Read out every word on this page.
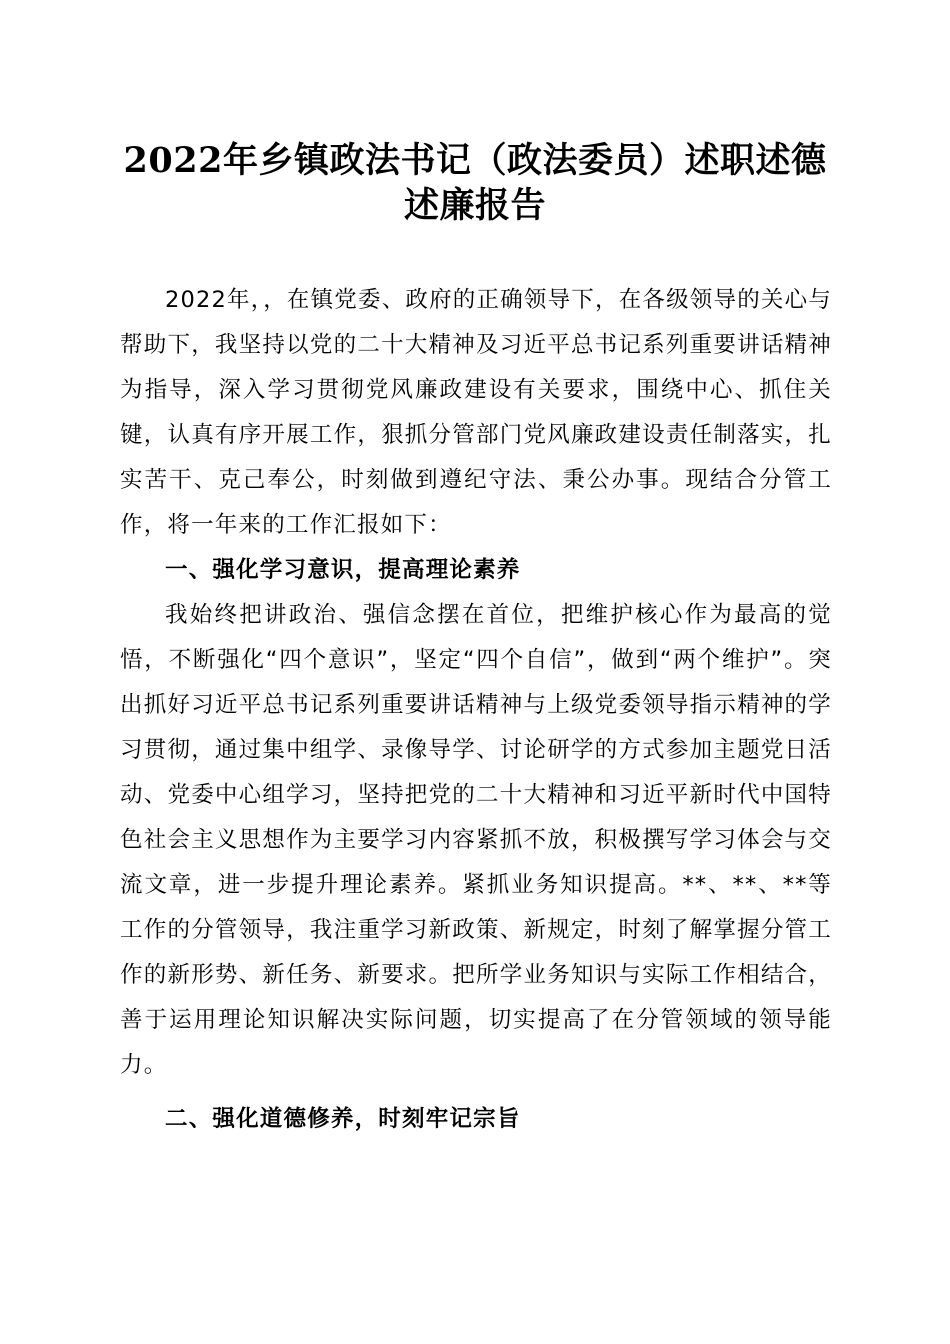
2022年乡镇政法书记（政法委员）述职述德
述廉报告

2022年，，在镇党委、政府的正确领导下，在各级领导的关心与帮助下，我坚持以党的二十大精神及习近平总书记系列重要讲话精神为指导，深入学习贯彻党风廉政建设有关要求，围绕中心、抓住关键，认真有序开展工作，狠抓分管部门党风廉政建设责任制落实，扎实苦干、克己奉公，时刻做到遵纪守法、秉公办事。现结合分管工作，将一年来的工作汇报如下：

一、强化学习意识，提高理论素养

我始终把讲政治、强信念摆在首位，把维护核心作为最高的觉悟，不断强化“四个意识”，坚定“四个自信”，做到“两个维护”。突出抓好习近平总书记系列重要讲话精神与上级党委领导指示精神的学习贯彻，通过集中组学、录像导学、讨论研学的方式参加主题党日活动、党委中心组学习，坚持把党的二十大精神和习近平新时代中国特色社会主义思想作为主要学习内容紧抓不放，积极撰写学习体会与交流文章，进一步提升理论素养。紧抓业务知识提高。**、**、**等工作的分管领导，我注重学习新政策、新规定，时刻了解掌握分管工作的新形势、新任务、新要求。把所学业务知识与实际工作相结合，善于运用理论知识解决实际问题，切实提高了在分管领域的领导能力。

二、强化道德修养，时刻牢记宗旨
